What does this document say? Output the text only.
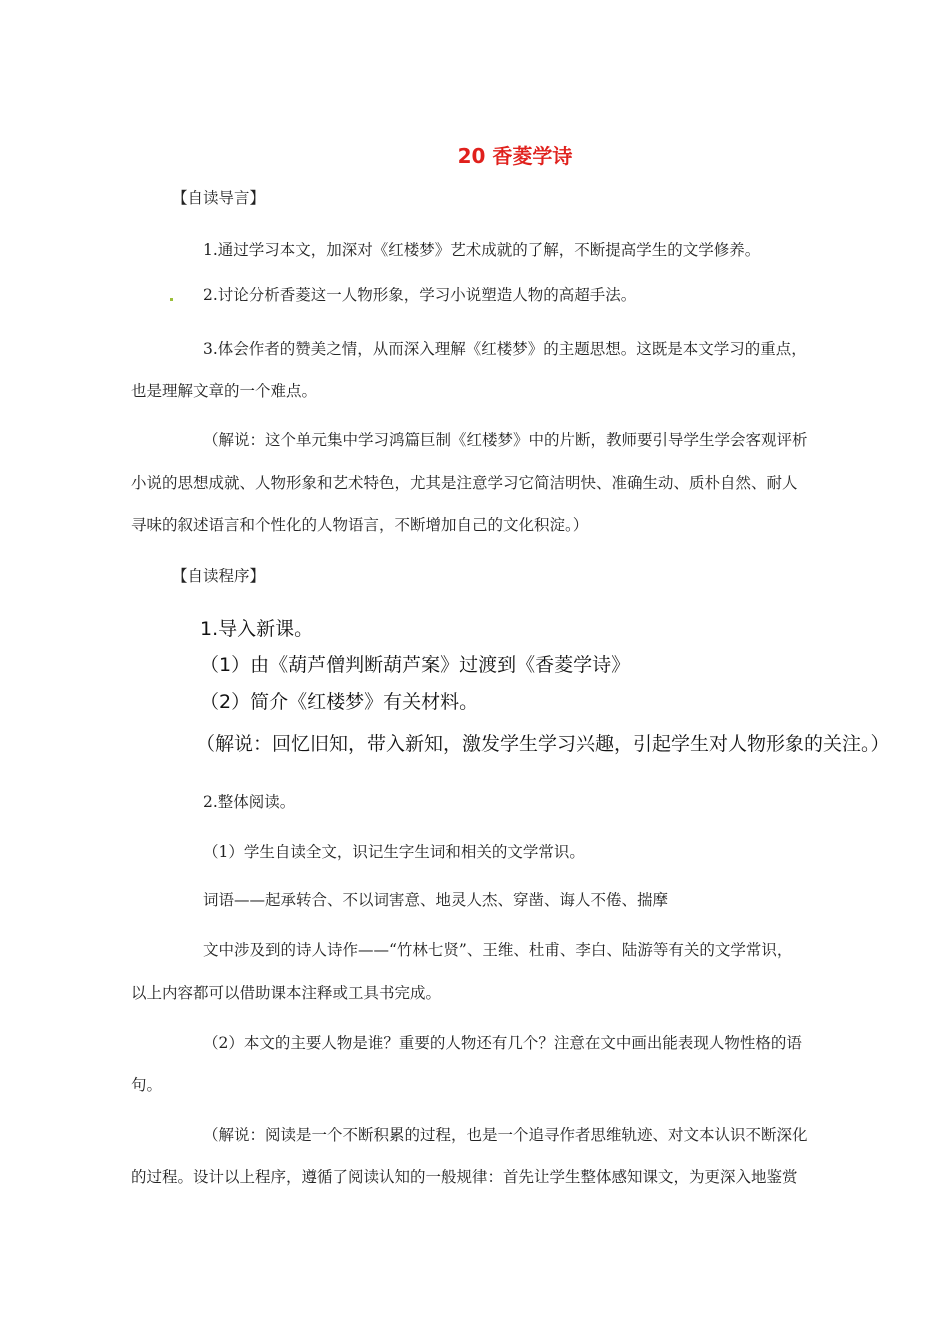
20 香菱学诗
【自读导言】
1.通过学习本文，加深对《红楼梦》艺术成就的了解，不断提高学生的文学修养。
2.讨论分析香菱这一人物形象，学习小说塑造人物的高超手法。
3.体会作者的赞美之情，从而深入理解《红楼梦》的主题思想。这既是本文学习的重点，
也是理解文章的一个难点。
（解说：这个单元集中学习鸿篇巨制《红楼梦》中的片断，教师要引导学生学会客观评析
小说的思想成就、人物形象和艺术特色，尤其是注意学习它简洁明快、准确生动、质朴自然、耐人
寻味的叙述语言和个性化的人物语言，不断增加自己的文化积淀。）
【自读程序】
1.导入新课。
（1）由《葫芦僧判断葫芦案》过渡到《香菱学诗》
（2）简介《红楼梦》有关材料。
（解说：回忆旧知，带入新知，激发学生学习兴趣，引起学生对人物形象的关注。）
2.整体阅读。
（1）学生自读全文，识记生字生词和相关的文学常识。
词语——起承转合、不以词害意、地灵人杰、穿凿、诲人不倦、揣摩
文中涉及到的诗人诗作——“竹林七贤”、王维、杜甫、李白、陆游等有关的文学常识，
以上内容都可以借助课本注释或工具书完成。
（2）本文的主要人物是谁？重要的人物还有几个？注意在文中画出能表现人物性格的语
句。
（解说：阅读是一个不断积累的过程，也是一个追寻作者思维轨迹、对文本认识不断深化
的过程。设计以上程序，遵循了阅读认知的一般规律：首先让学生整体感知课文，为更深入地鉴赏
